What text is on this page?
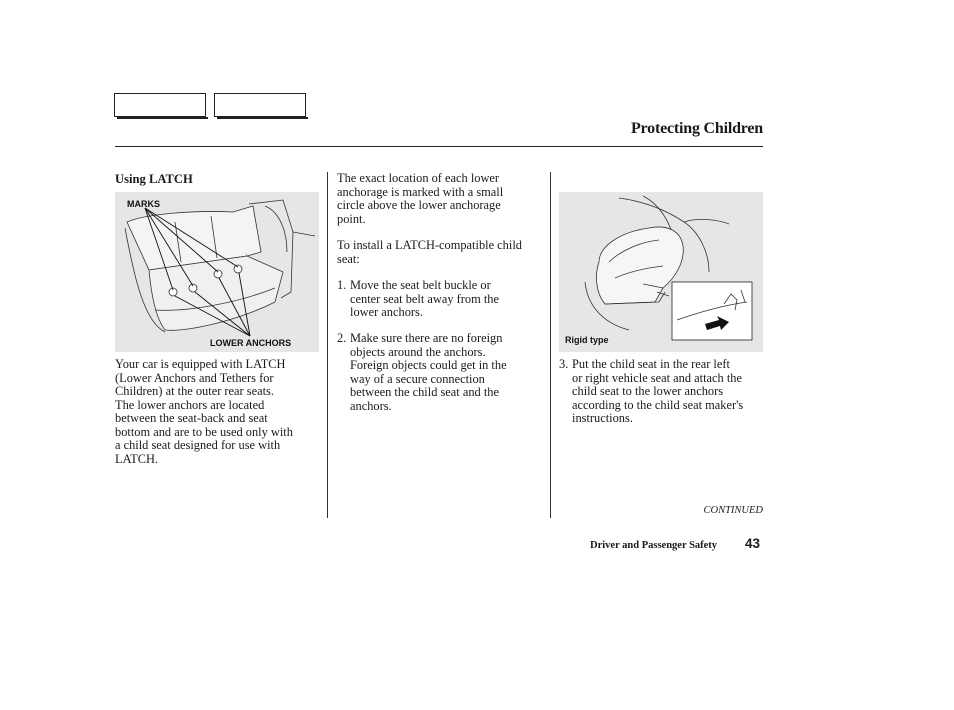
Protecting Children
Using LATCH
MARKS
LOWER ANCHORS
Your car is equipped with LATCH
(Lower Anchors and Tethers for
Children) at the outer rear seats.
The lower anchors are located
between the seat-back and seat
bottom and are to be used only with
a child seat designed for use with
LATCH.
The exact location of each lower
anchorage is marked with a small
circle above the lower anchorage
point.
To install a LATCH-compatible child
seat:
1. Move the seat belt buckle or
center seat belt away from the
lower anchors.
2. Make sure there are no foreign
objects around the anchors.
Foreign objects could get in the
way of a secure connection
between the child seat and the
anchors.
Rigid type
3. Put the child seat in the rear left
or right vehicle seat and attach the
child seat to the lower anchors
according to the child seat maker's
instructions.
CONTINUED
Driver and Passenger Safety 43
